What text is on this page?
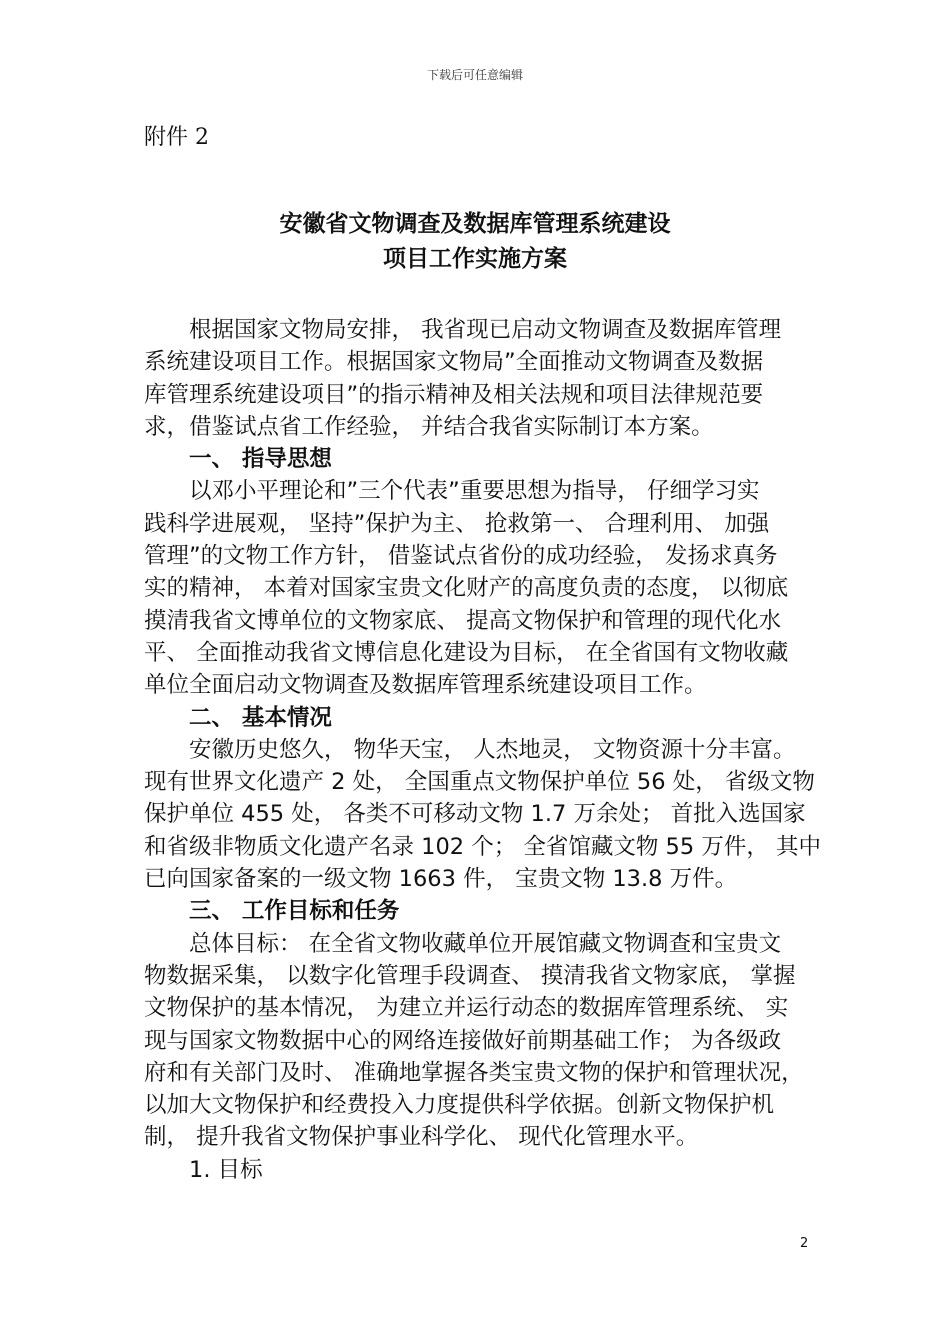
下载后可任意编辑
附件 2
安徽省文物调查及数据库管理系统建设
项目工作实施方案
根据国家文物局安排， 我省现已启动文物调查及数据库管理
系统建设项目工作。根据国家文物局”全面推动文物调查及数据
库管理系统建设项目”的指示精神及相关法规和项目法律规范要
求，借鉴试点省工作经验， 并结合我省实际制订本方案。
一、 指导思想
以邓小平理论和”三个代表”重要思想为指导， 仔细学习实
践科学进展观， 坚持”保护为主、 抢救第一、 合理利用、 加强
管理”的文物工作方针， 借鉴试点省份的成功经验， 发扬求真务
实的精神， 本着对国家宝贵文化财产的高度负责的态度， 以彻底
摸清我省文博单位的文物家底、 提高文物保护和管理的现代化水
平、 全面推动我省文博信息化建设为目标， 在全省国有文物收藏
单位全面启动文物调查及数据库管理系统建设项目工作。
二、 基本情况
安徽历史悠久， 物华天宝， 人杰地灵， 文物资源十分丰富。
现有世界文化遗产 2 处， 全国重点文物保护单位 56 处， 省级文物
保护单位 455 处， 各类不可移动文物 1.7 万余处； 首批入选国家
和省级非物质文化遗产名录 102 个； 全省馆藏文物 55 万件， 其中
已向国家备案的一级文物 1663 件， 宝贵文物 13.8 万件。
三、 工作目标和任务
总体目标： 在全省文物收藏单位开展馆藏文物调查和宝贵文
物数据采集， 以数字化管理手段调查、 摸清我省文物家底， 掌握
文物保护的基本情况， 为建立并运行动态的数据库管理系统、 实
现与国家文物数据中心的网络连接做好前期基础工作； 为各级政
府和有关部门及时、 准确地掌握各类宝贵文物的保护和管理状况，
以加大文物保护和经费投入力度提供科学依据。创新文物保护机
制， 提升我省文物保护事业科学化、 现代化管理水平。
1. 目标
2
